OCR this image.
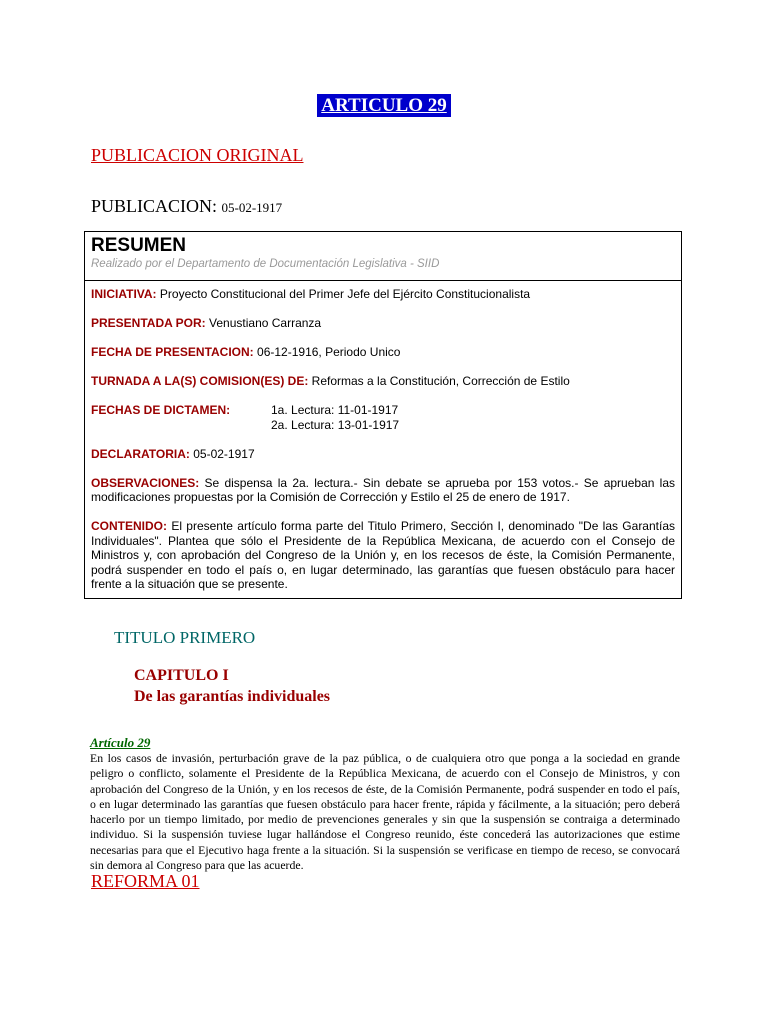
ARTICULO 29
PUBLICACION ORIGINAL
PUBLICACION: 05-02-1917
RESUMEN
Realizado por el Departamento de Documentación Legislativa - SIID
INICIATIVA: Proyecto Constitucional del Primer Jefe del Ejército Constitucionalista
PRESENTADA POR: Venustiano Carranza
FECHA DE PRESENTACION: 06-12-1916, Periodo Unico
TURNADA A LA(S) COMISION(ES) DE: Reformas a la Constitución, Corrección de Estilo
FECHAS DE DICTAMEN:	1a. Lectura: 11-01-1917
2a. Lectura: 13-01-1917
DECLARATORIA: 05-02-1917
OBSERVACIONES: Se dispensa la 2a. lectura.- Sin debate se aprueba por 153 votos.- Se aprueban las modificaciones propuestas por la Comisión de Corrección y Estilo el 25 de enero de 1917.
CONTENIDO: El presente artículo forma parte del Titulo Primero, Sección I, denominado "De las Garantías Individuales". Plantea que sólo el Presidente de la República Mexicana, de acuerdo con el Consejo de Ministros y, con aprobación del Congreso de la Unión y, en los recesos de éste, la Comisión Permanente, podrá suspender en todo el país o, en lugar determinado, las garantías que fuesen obstáculo para hacer frente a la situación que se presente.
TITULO PRIMERO
CAPITULO I
De las garantías individuales
Artículo 29
En los casos de invasión, perturbación grave de la paz pública, o de cualquiera otro que ponga a la sociedad en grande peligro o conflicto, solamente el Presidente de la República Mexicana, de acuerdo con el Consejo de Ministros, y con aprobación del Congreso de la Unión, y en los recesos de éste, de la Comisión Permanente, podrá suspender en todo el país, o en lugar determinado las garantías que fuesen obstáculo para hacer frente, rápida y fácilmente, a la situación; pero deberá hacerlo por un tiempo limitado, por medio de prevenciones generales y sin que la suspensión se contraiga a determinado individuo. Si la suspensión tuviese lugar hallándose el Congreso reunido, éste concederá las autorizaciones que estime necesarias para que el Ejecutivo haga frente a la situación. Si la suspensión se verificase en tiempo de receso, se convocará sin demora al Congreso para que las acuerde.
REFORMA 01
